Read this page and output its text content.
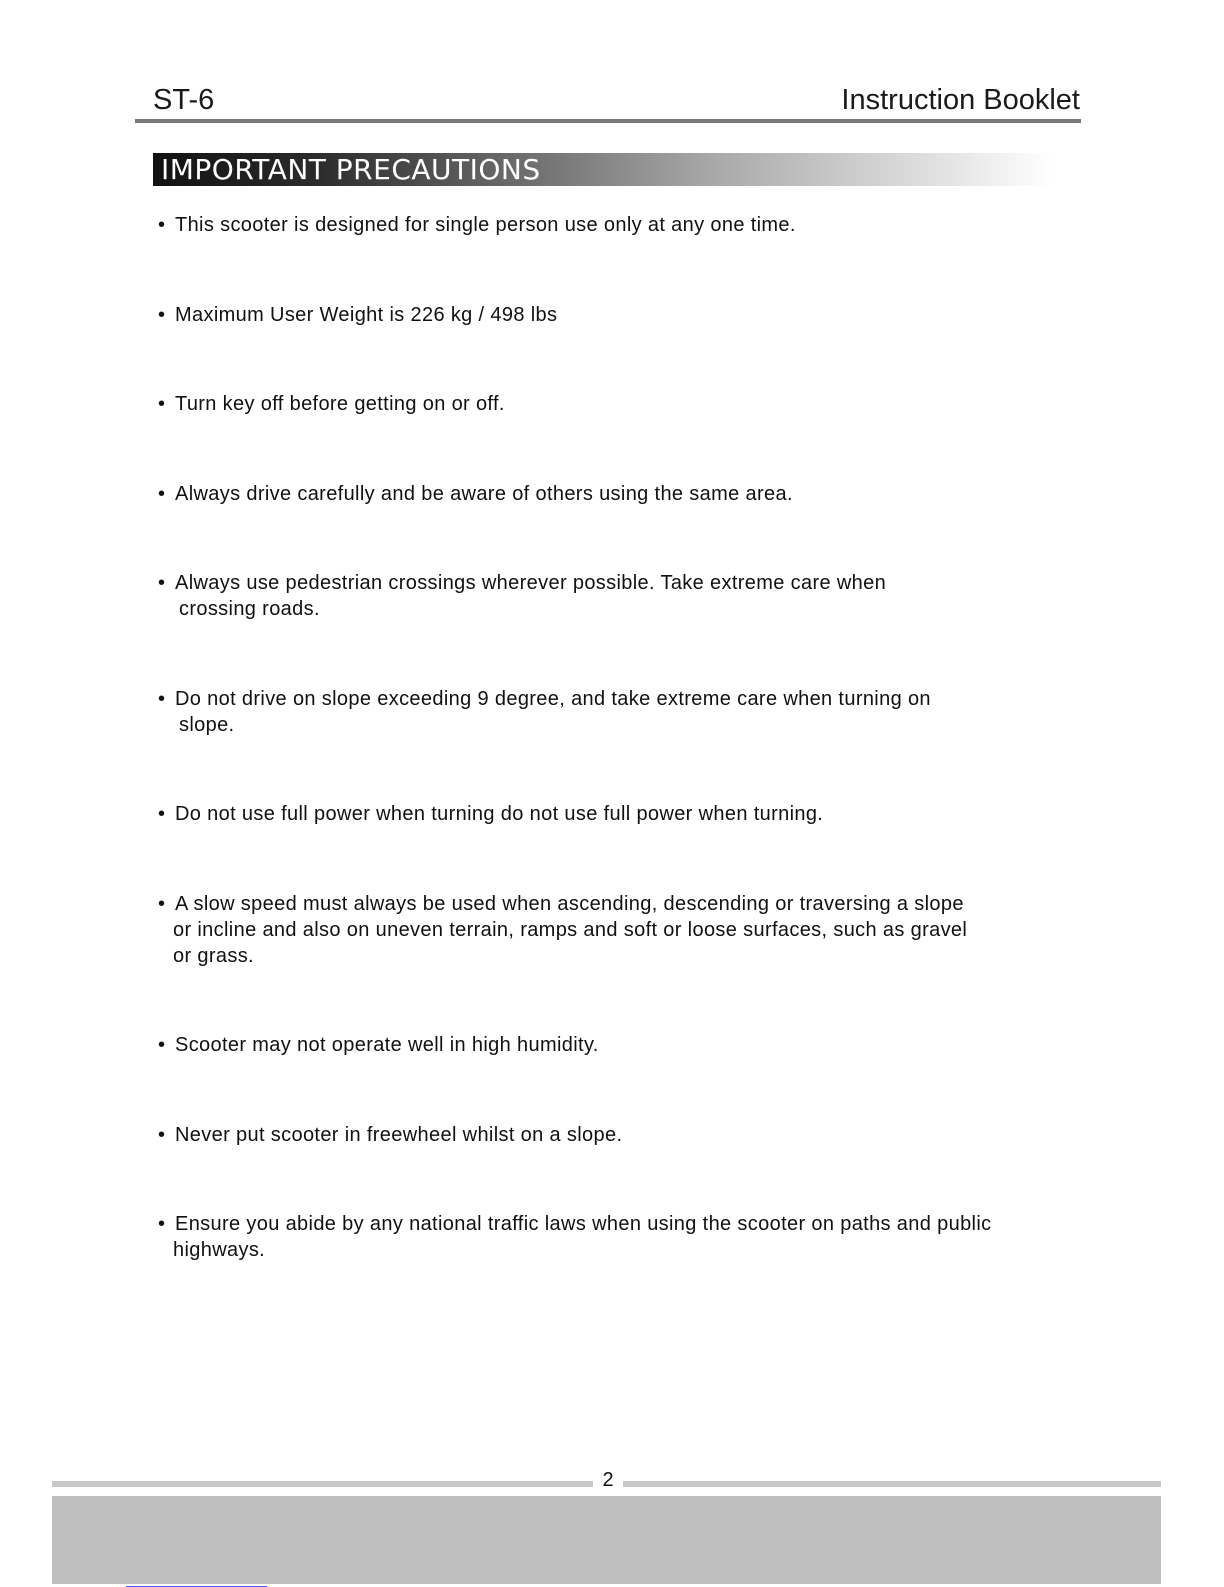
ST-6	Instruction Booklet
IMPORTANT PRECAUTIONS
• This scooter is designed for single person use only at any one time.
• Maximum User Weight is 226 kg / 498 lbs
• Turn key off before getting on or off.
• Always drive carefully and be aware of others using the same area.
• Always use pedestrian crossings wherever possible. Take extreme care when
crossing roads.
• Do not drive on slope exceeding 9 degree, and take extreme care when turning on
slope.
• Do not use full power when turning do not use full power when turning.
• A slow speed must always be used when ascending, descending or traversing a slope
or incline and also on uneven terrain, ramps and soft or loose surfaces, such as gravel
or grass.
• Scooter may not operate well in high humidity.
• Never put scooter in freewheel whilst on a slope.
• Ensure you abide by any national traffic laws when using the scooter on paths and public
highways.
2
